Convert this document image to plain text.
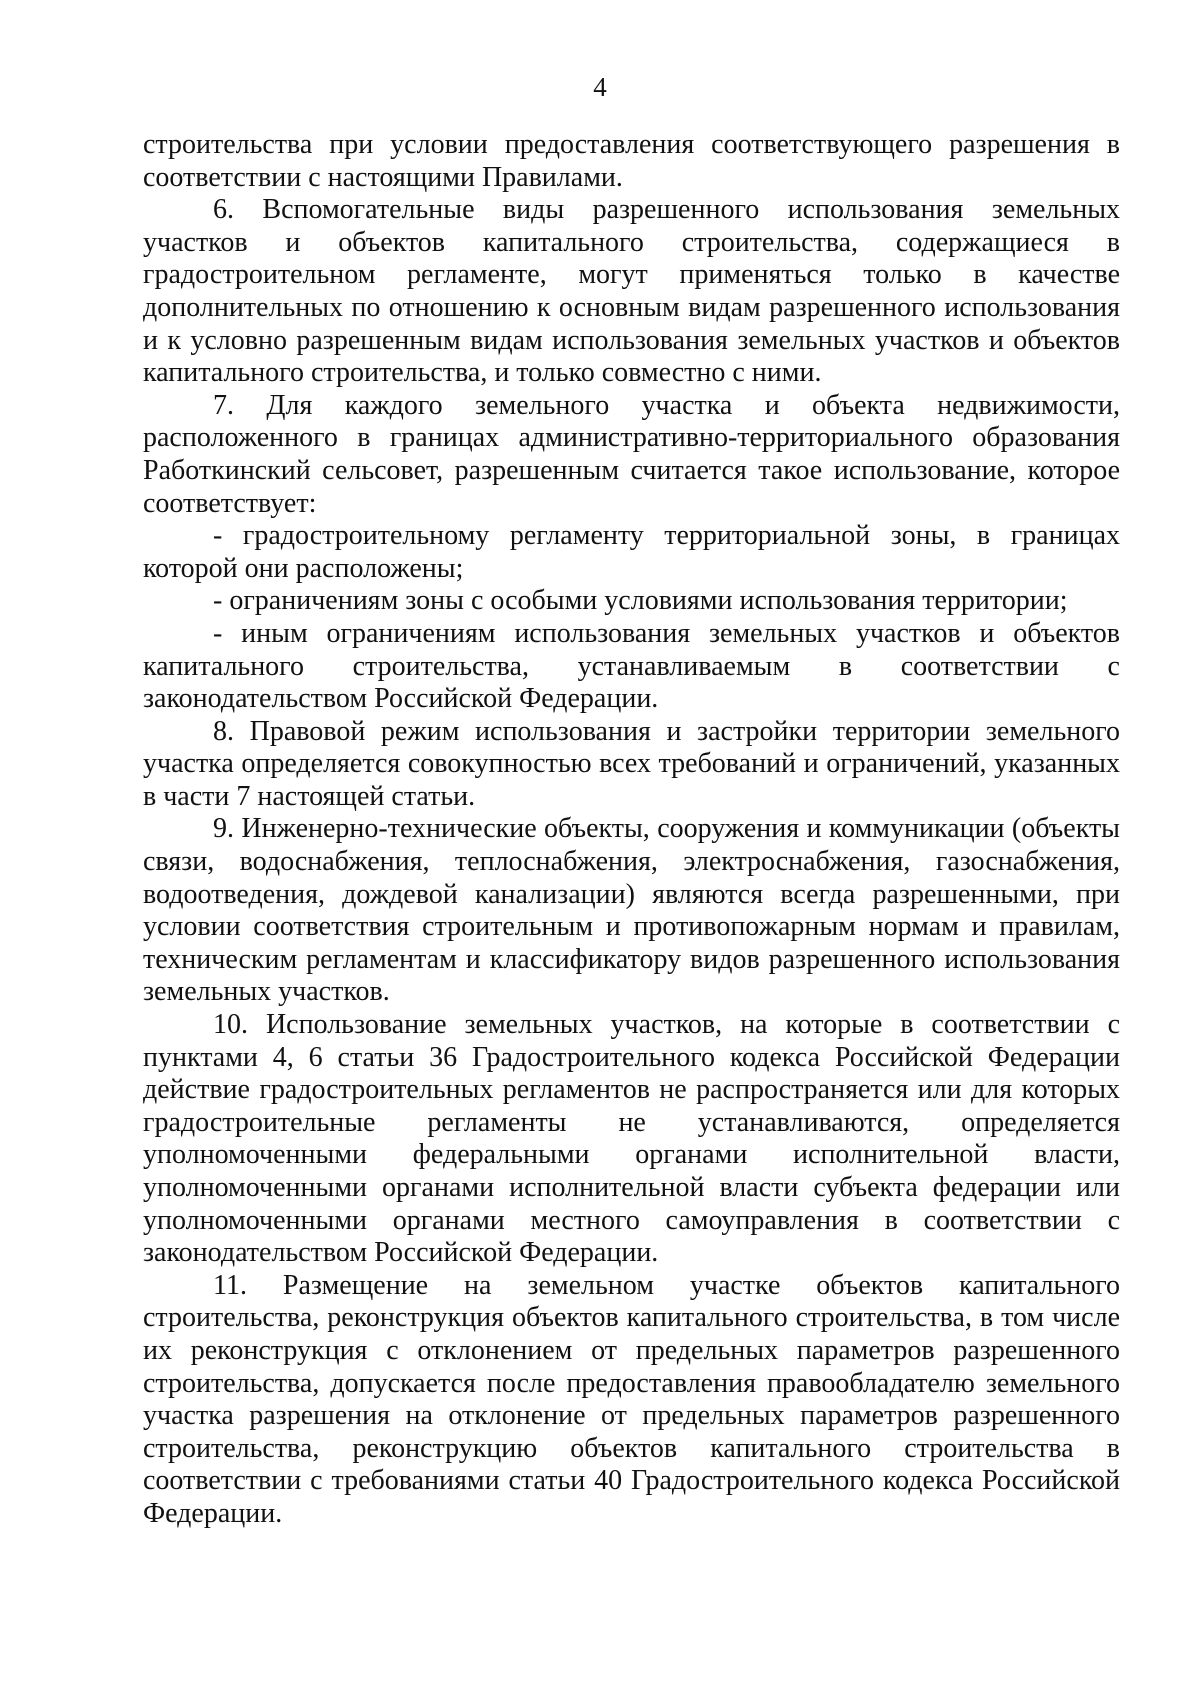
4

строительства при условии предоставления соответствующего разрешения в соответствии с настоящими Правилами.

6. Вспомогательные виды разрешенного использования земельных участков и объектов капитального строительства, содержащиеся в градостроительном регламенте, могут применяться только в качестве дополнительных по отношению к основным видам разрешенного использования и к условно разрешенным видам использования земельных участков и объектов капитального строительства, и только совместно с ними.

7. Для каждого земельного участка и объекта недвижимости, расположенного в границах административно-территориального образования Работкинский сельсовет, разрешенным считается такое использование, которое соответствует:

- градостроительному регламенту территориальной зоны, в границах которой они расположены;

- ограничениям зоны с особыми условиями использования территории;

- иным ограничениям использования земельных участков и объектов капитального строительства, устанавливаемым в соответствии с законодательством Российской Федерации.

8. Правовой режим использования и застройки территории земельного участка определяется совокупностью всех требований и ограничений, указанных в части 7 настоящей статьи.

9. Инженерно-технические объекты, сооружения и коммуникации (объекты связи, водоснабжения, теплоснабжения, электроснабжения, газоснабжения, водоотведения, дождевой канализации) являются всегда разрешенными, при условии соответствия строительным и противопожарным нормам и правилам, техническим регламентам и классификатору видов разрешенного использования земельных участков.

10. Использование земельных участков, на которые в соответствии с пунктами 4, 6 статьи 36 Градостроительного кодекса Российской Федерации действие градостроительных регламентов не распространяется или для которых градостроительные регламенты не устанавливаются, определяется уполномоченными федеральными органами исполнительной власти, уполномоченными органами исполнительной власти субъекта федерации или уполномоченными органами местного самоуправления в соответствии с законодательством Российской Федерации.

11. Размещение на земельном участке объектов капитального строительства, реконструкция объектов капитального строительства, в том числе их реконструкция с отклонением от предельных параметров разрешенного строительства, допускается после предоставления правообладателю земельного участка разрешения на отклонение от предельных параметров разрешенного строительства, реконструкцию объектов капитального строительства в соответствии с требованиями статьи 40 Градостроительного кодекса Российской Федерации.
